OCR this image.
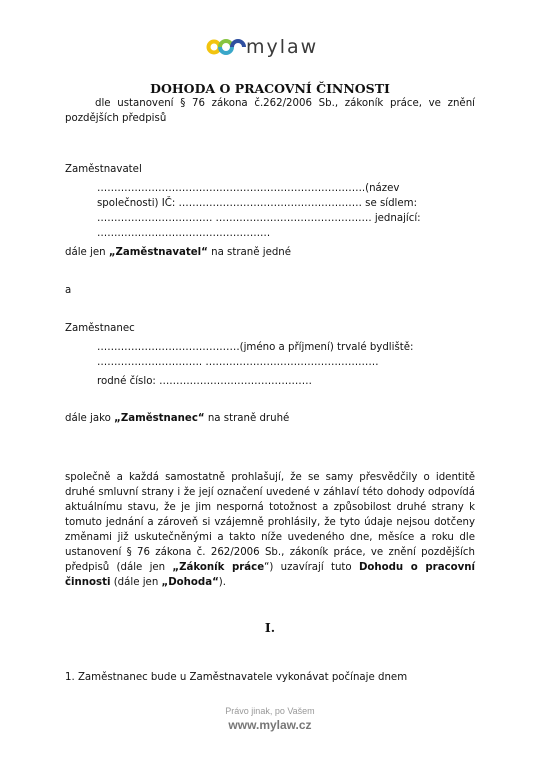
mylaw
DOHODA O PRACOVNÍ ČINNOSTI
dle ustanovení § 76 zákona č.262/2006 Sb., zákoník práce, ve znění pozdějších předpisů
Zaměstnavatel
…………………………………………………………………….(název
společnosti) IČ: ……………………………………………… se sídlem:
……………………………. ………………………………………. jednající:
……………………………………………
dále jen „Zaměstnavatel“ na straně jedné
a
Zaměstnanec
……………………………………(jméno a příjmení) trvalé bydliště:
…………………………. ……………………………………………
rodné číslo: ………………………………………
dále jako „Zaměstnanec“ na straně druhé
společně a každá samostatně prohlašují, že se samy přesvědčily o identitě druhé smluvní strany i že její označení uvedené v záhlaví této dohody odpovídá aktuálnímu stavu, že je jim nesporná totožnost a způsobilost druhé strany k tomuto jednání a zároveň si vzájemně prohlásily, že tyto údaje nejsou dotčeny změnami již uskutečněnými a takto níže uvedeného dne, měsíce a roku dle ustanovení § 76 zákona č. 262/2006 Sb., zákoník práce, ve znění pozdějších předpisů (dále jen „Zákoník práce“) uzavírají tuto Dohodu o pracovní činnosti (dále jen „Dohoda“).
I.
1. Zaměstnanec bude u Zaměstnavatele vykonávat počínaje dnem
Právo jinak, po Vašem
www.mylaw.cz
